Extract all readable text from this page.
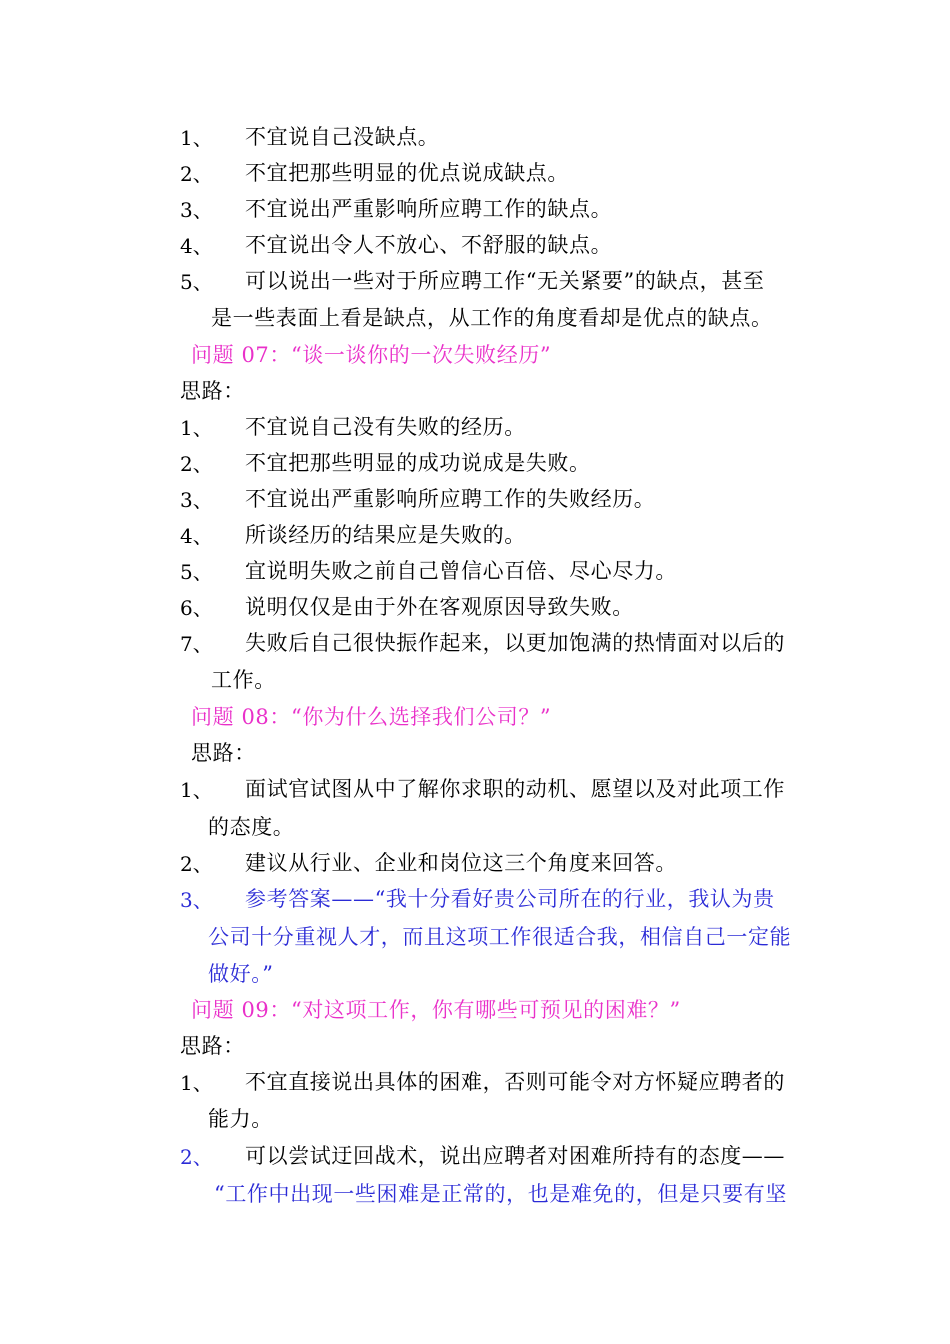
1、 不宜说自己没缺点。
2、 不宜把那些明显的优点说成缺点。
3、 不宜说出严重影响所应聘工作的缺点。
4、 不宜说出令人不放心、不舒服的缺点。
5、 可以说出一些对于所应聘工作“无关紧要”的缺点，甚至
是一些表面上看是缺点，从工作的角度看却是优点的缺点。
问题 07：“谈一谈你的一次失败经历”
思路：
1、 不宜说自己没有失败的经历。
2、 不宜把那些明显的成功说成是失败。
3、 不宜说出严重影响所应聘工作的失败经历。
4、 所谈经历的结果应是失败的。
5、 宜说明失败之前自己曾信心百倍、尽心尽力。
6、 说明仅仅是由于外在客观原因导致失败。
7、 失败后自己很快振作起来，以更加饱满的热情面对以后的
工作。
问题 08：“你为什么选择我们公司？”
思路：
1、 面试官试图从中了解你求职的动机、愿望以及对此项工作
的态度。
2、 建议从行业、企业和岗位这三个角度来回答。
3、 参考答案——“我十分看好贵公司所在的行业，我认为贵
公司十分重视人才，而且这项工作很适合我，相信自己一定能
做好。”
问题 09：“对这项工作，你有哪些可预见的困难？”
思路：
1、 不宜直接说出具体的困难，否则可能令对方怀疑应聘者的
能力。
2、 可以尝试迂回战术，说出应聘者对困难所持有的态度——
“工作中出现一些困难是正常的，也是难免的，但是只要有坚
